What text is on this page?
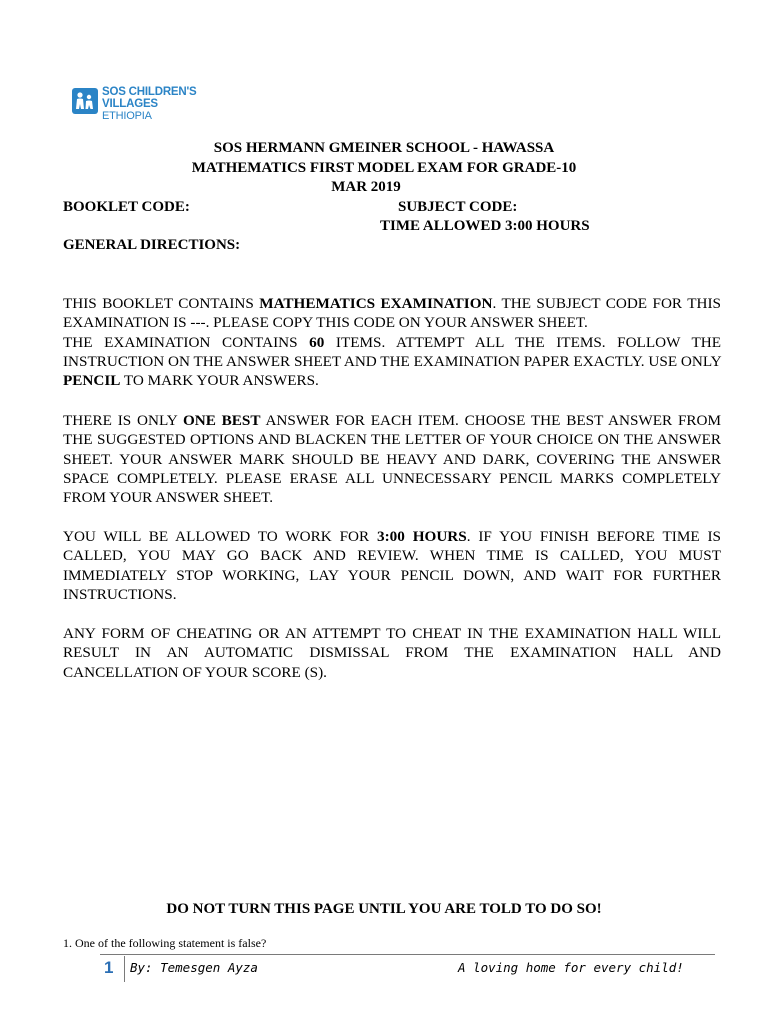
SOS CHILDREN'S
VILLAGES
ETHIOPIA
SOS HERMANN GMEINER SCHOOL - HAWASSA
MATHEMATICS FIRST MODEL EXAM FOR GRADE-10
MAR 2019
BOOKLET CODE:	SUBJECT CODE:
TIME ALLOWED 3:00 HOURS
GENERAL DIRECTIONS:
THIS BOOKLET CONTAINS MATHEMATICS EXAMINATION. THE SUBJECT CODE FOR THIS EXAMINATION IS ---. PLEASE COPY THIS CODE ON YOUR ANSWER SHEET.
THE EXAMINATION CONTAINS 60 ITEMS. ATTEMPT ALL THE ITEMS. FOLLOW THE INSTRUCTION ON THE ANSWER SHEET AND THE EXAMINATION PAPER EXACTLY. USE ONLY PENCIL TO MARK YOUR ANSWERS.
THERE IS ONLY ONE BEST ANSWER FOR EACH ITEM. CHOOSE THE BEST ANSWER FROM THE SUGGESTED OPTIONS AND BLACKEN THE LETTER OF YOUR CHOICE ON THE ANSWER SHEET. YOUR ANSWER MARK SHOULD BE HEAVY AND DARK, COVERING THE ANSWER SPACE COMPLETELY. PLEASE ERASE ALL UNNECESSARY PENCIL MARKS COMPLETELY FROM YOUR ANSWER SHEET.
YOU WILL BE ALLOWED TO WORK FOR 3:00 HOURS. IF YOU FINISH BEFORE TIME IS CALLED, YOU MAY GO BACK AND REVIEW. WHEN TIME IS CALLED, YOU MUST IMMEDIATELY STOP WORKING, LAY YOUR PENCIL DOWN, AND WAIT FOR FURTHER INSTRUCTIONS.
ANY FORM OF CHEATING OR AN ATTEMPT TO CHEAT IN THE EXAMINATION HALL WILL RESULT IN AN AUTOMATIC DISMISSAL FROM THE EXAMINATION HALL AND CANCELLATION OF YOUR SCORE (S).
DO NOT TURN THIS PAGE UNTIL YOU ARE TOLD TO DO SO!
1. One of the following statement is false?
1 By: Temesgen Ayza	A loving home for every child!
